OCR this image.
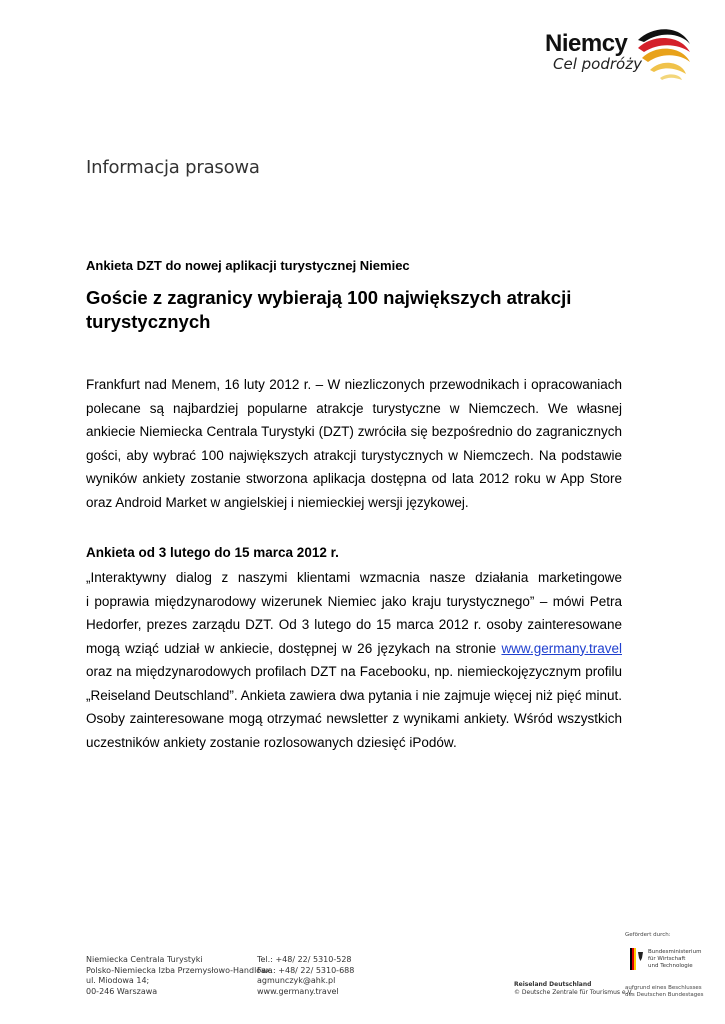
Niemcy
Cel podróży
Informacja prasowa
Ankieta DZT do nowej aplikacji turystycznej Niemiec
Goście z zagranicy wybierają 100 największych atrakcji turystycznych
Frankfurt nad Menem, 16 luty 2012 r. – W niezliczonych przewodnikach i opracowaniach
polecane są najbardziej popularne atrakcje turystyczne w Niemczech. We własnej
ankiecie Niemiecka Centrala Turystyki (DZT) zwróciła się bezpośrednio do zagranicznych
gości, aby wybrać 100 największych atrakcji turystycznych w Niemczech. Na podstawie
wyników ankiety zostanie stworzona aplikacja dostępna od lata 2012 roku w App Store
oraz Android Market w angielskiej i niemieckiej wersji językowej.
Ankieta od 3 lutego do 15 marca 2012 r.
„Interaktywny dialog z naszymi klientami wzmacnia nasze działania marketingowe
i poprawia międzynarodowy wizerunek Niemiec jako kraju turystycznego” – mówi Petra
Hedorfer, prezes zarządu DZT. Od 3 lutego do 15 marca 2012 r. osoby zainteresowane
mogą wziąć udział w ankiecie, dostępnej w 26 językach na stronie www.germany.travel
oraz na międzynarodowych profilach DZT na Facebooku, np. niemieckojęzycznym profilu
„Reiseland Deutschland”. Ankieta zawiera dwa pytania i nie zajmuje więcej niż pięć minut.
Osoby zainteresowane mogą otrzymać newsletter z wynikami ankiety. Wśród wszystkich
uczestników ankiety zostanie rozlosowanych dziesięć iPodów.
Niemiecka Centrala Turystyki
Polsko-Niemiecka Izba Przemysłowo-Handlowa
ul. Miodowa 14;
00-246 Warszawa
Tel.: +48/ 22/ 5310-528
Fax.: +48/ 22/ 5310-688
agmunczyk@ahk.pl
www.germany.travel
Reiseland Deutschland
© Deutsche Zentrale für Tourismus e.V.
Gefördert durch:
Bundesministerium
für Wirtschaft
und Technologie
aufgrund eines Beschlusses
des Deutschen Bundestages
